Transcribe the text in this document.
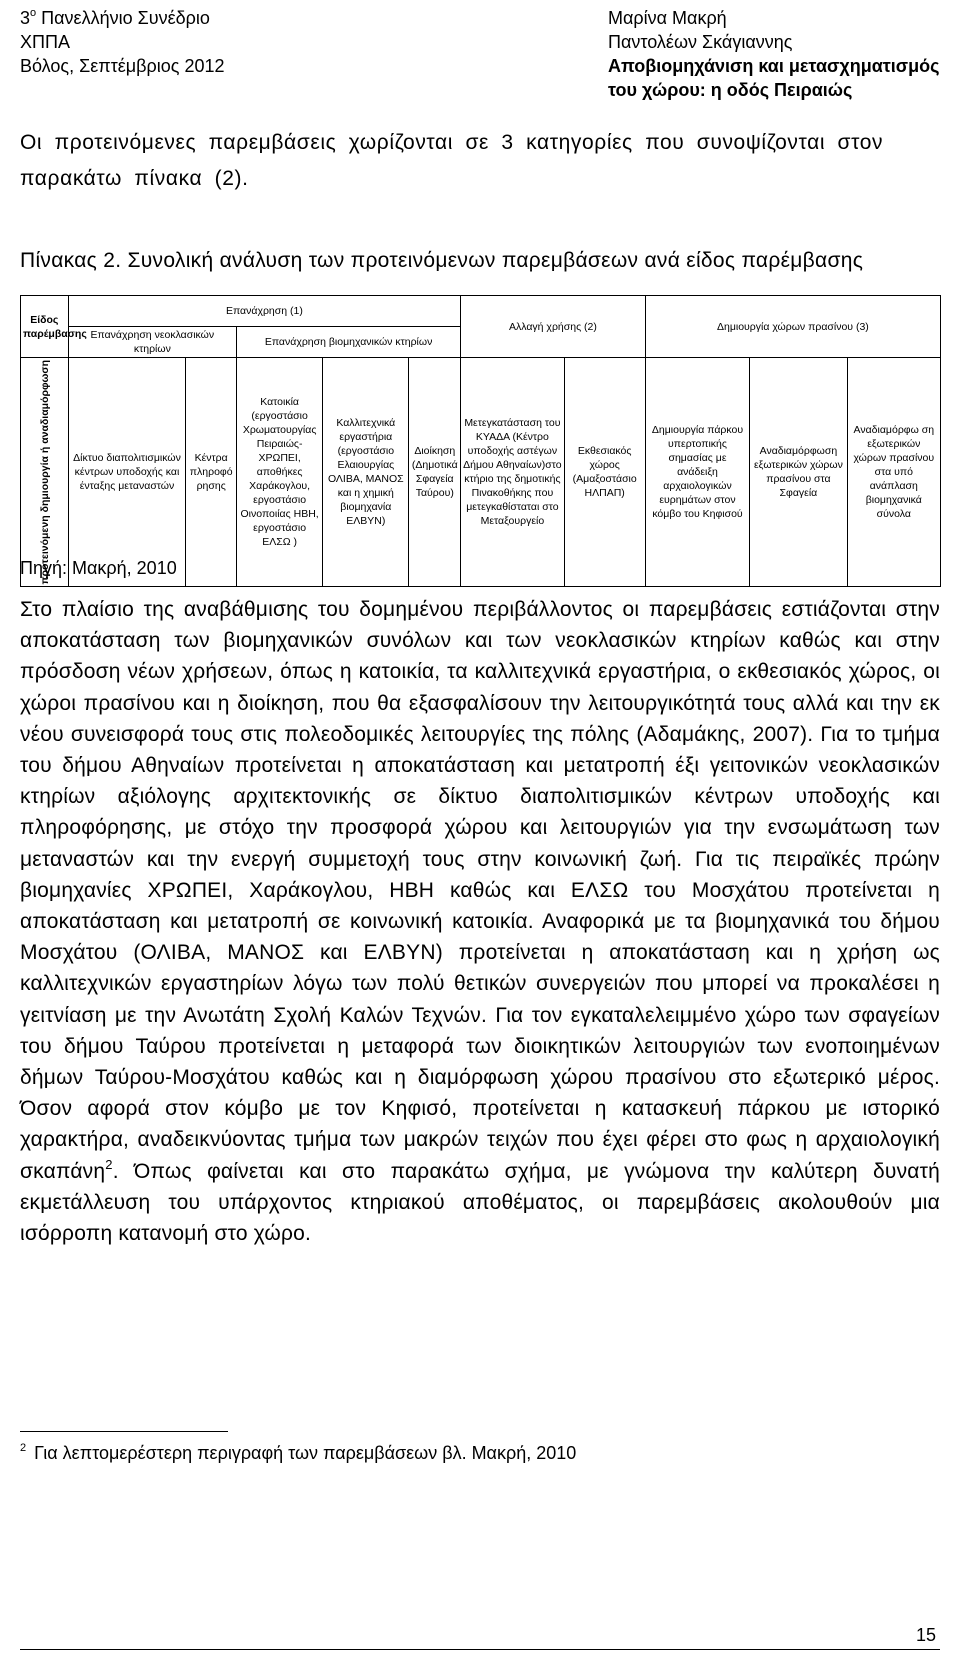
$3^o$ Πανελλήνιο Συνέδριο
ΧΠΠΑ
Βόλος, Σεπτέμβριος 2012
Μαρίνα Μακρή
Παντολέων Σκάγιαννης
Αποβιομηχάνιση και μετασχηματισμός
του χώρου: η οδός Πειραιώς

Οι προτεινόμενες παρεμβάσεις χωρίζονται σε 3 κατηγορίες που συνοψίζονται στον παρακάτω πίνακα (2).

Πίνακας 2. Συνολική ανάλυση των προτεινόμενων παρεμβάσεων ανά είδος παρέμβασης

Είδος παρέμβασης	Επανάχρηση (1)					Αλλαγή χρήσης (2)		Δημιουργία χώρων πρασίνου (3)		
	Επανάχρηση νεοκλασικών κτηρίων		Επανάχρηση βιομηχανικών κτηρίων							
προτεινόμενη δημιουργία ή αναδιαμόρφωση	Δίκτυο διαπολιτισμικών κέντρων υποδοχής και ένταξης μεταναστών	Κέντρα πληροφό ρησης	Κατοικία (εργοστάσιο Χρωματουργίας Πειραιώς- ΧΡΩΠΕΙ, αποθήκες Χαράκογλου, εργοστάσιο Οινοποιίας ΗΒΗ, εργοστάσιο ΕΛΣΩ )	Καλλιτεχνικά εργαστήρια (εργοστάσιο Ελαιουργίας ΟΛΙΒΑ, ΜΑΝΟΣ και η χημική βιομηχανία ΕΛΒΥΝ)	Διοίκηση (Δημοτικά Σφαγεία Ταύρου)	Μετεγκατάσταση του ΚΥΑΔΑ (Κέντρο υποδοχής αστέγων Δήμου Αθηναίων)στο κτήριο της δημοτικής Πινακοθήκης που μετεγκαθίσταται στο Μεταξουργείο	Εκθεσιακός χώρος (Αμαξοστάσιο ΗΛΠΑΠ)	Δημιουργία πάρκου υπερτοπικής σημασίας με ανάδειξη αρχαιολογικών ευρημάτων στον κόμβο του Κηφισού	Αναδιαμόρφωση εξωτερικών χώρων πρασίνου στα Σφαγεία	Αναδιαμόρφω ση εξωτερικών χώρων πρασίνου στα υπό ανάπλαση βιομηχανικά σύνολα
Πηγή: Μακρή, 2010

Στο πλαίσιο της αναβάθμισης του δομημένου περιβάλλοντος οι παρεμβάσεις εστιάζονται στην αποκατάσταση των βιομηχανικών συνόλων και των νεοκλασικών κτηρίων καθώς και στην πρόσδοση νέων χρήσεων, όπως η κατοικία, τα καλλιτεχνικά εργαστήρια, ο εκθεσιακός χώρος, οι χώροι πρασίνου και η διοίκηση, που θα εξασφαλίσουν την λειτουργικότητά τους αλλά και την εκ νέου συνεισφορά τους στις πολεοδομικές λειτουργίες της πόλης (Αδαμάκης, 2007). Για το τμήμα του δήμου Αθηναίων προτείνεται η αποκατάσταση και μετατροπή έξι γειτονικών νεοκλασικών κτηρίων αξιόλογης αρχιτεκτονικής σε δίκτυο διαπολιτισμικών κέντρων υποδοχής και πληροφόρησης, με στόχο την προσφορά χώρου και λειτουργιών για την ενσωμάτωση των μεταναστών και την ενεργή συμμετοχή τους στην κοινωνική ζωή. Για τις πειραϊκές πρώην βιομηχανίες ΧΡΩΠΕΙ, Χαράκογλου, ΗΒΗ καθώς και ΕΛΣΩ του Μοσχάτου προτείνεται η αποκατάσταση και μετατροπή σε κοινωνική κατοικία. Αναφορικά με τα βιομηχανικά του δήμου Μοσχάτου (ΟΛΙΒΑ, ΜΑΝΟΣ και ΕΛΒΥΝ) προτείνεται η αποκατάσταση και η χρήση ως καλλιτεχνικών εργαστηρίων λόγω των πολύ θετικών συνεργειών που μπορεί να προκαλέσει η γειτνίαση με την Ανωτάτη Σχολή Καλών Τεχνών. Για τον εγκαταλελειμμένο χώρο των σφαγείων του δήμου Ταύρου προτείνεται η μεταφορά των διοικητικών λειτουργιών των ενοποιημένων δήμων Ταύρου-Μοσχάτου καθώς και η διαμόρφωση χώρου πρασίνου στο εξωτερικό μέρος. Όσον αφορά στον κόμβο με τον Κηφισό, προτείνεται η κατασκευή πάρκου με ιστορικό χαρακτήρα, αναδεικνύοντας τμήμα των μακρών τειχών που έχει φέρει στο φως η αρχαιολογική σκαπάνη$^2$. Όπως φαίνεται και στο παρακάτω σχήμα, με γνώμονα την καλύτερη δυνατή εκμετάλλευση του υπάρχοντος κτηριακού αποθέματος, οι παρεμβάσεις ακολουθούν μια ισόρροπη κατανομή στο χώρο.

$^2$ Για λεπτομερέστερη περιγραφή των παρεμβάσεων βλ. Μακρή, 2010
15
